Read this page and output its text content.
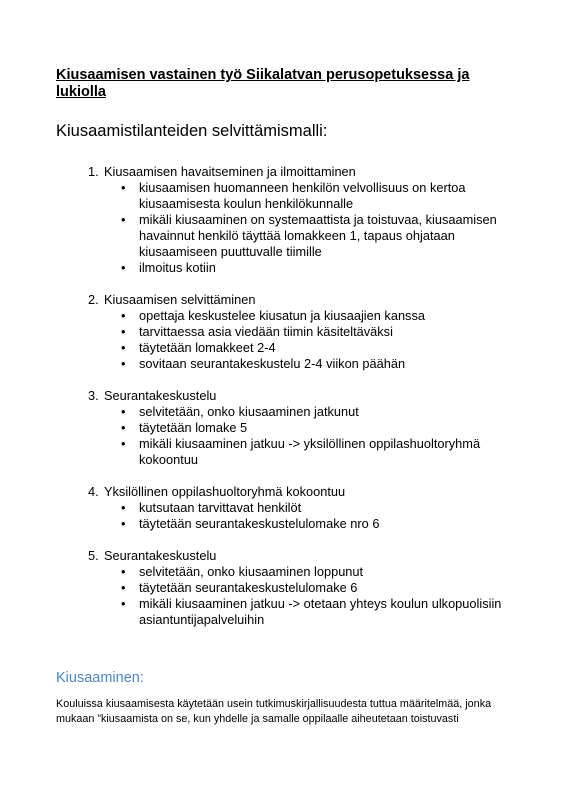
Kiusaamisen vastainen työ Siikalatvan perusopetuksessa ja lukiolla
Kiusaamistilanteiden selvittämismalli:
1. Kiusaamisen havaitseminen ja ilmoittaminen
• kiusaamisen huomanneen henkilön velvollisuus on kertoa kiusaamisesta koulun henkilökunnalle
• mikäli kiusaaminen on systemaattista ja toistuvaa, kiusaamisen havainnut henkilö täyttää lomakkeen 1, tapaus ohjataan kiusaamiseen puuttuvalle tiimille
• ilmoitus kotiin
2. Kiusaamisen selvittäminen
• opettaja keskustelee kiusatun ja kiusaajien kanssa
• tarvittaessa asia viedään tiimin käsiteltäväksi
• täytetään lomakkeet 2-4
• sovitaan seurantakeskustelu 2-4 viikon päähän
3. Seurantakeskustelu
• selvitetään, onko kiusaaminen jatkunut
• täytetään lomake 5
• mikäli kiusaaminen jatkuu -> yksilöllinen oppilashuoltoryhmä kokoontuu
4. Yksilöllinen oppilashuoltoryhmä kokoontuu
• kutsutaan tarvittavat henkilöt
• täytetään seurantakeskustelulomake nro 6
5. Seurantakeskustelu
• selvitetään, onko kiusaaminen loppunut
• täytetään seurantakeskustelulomake 6
• mikäli kiusaaminen jatkuu -> otetaan yhteys koulun ulkopuolisiin asiantuntijapalveluihin
Kiusaaminen:

Kouluissa kiusaamisesta käytetään usein tutkimuskirjallisuudesta tuttua määritelmää, jonka mukaan ”kiusaamista on se, kun yhdelle ja samalle oppilaalle aiheutetaan toistuvasti
